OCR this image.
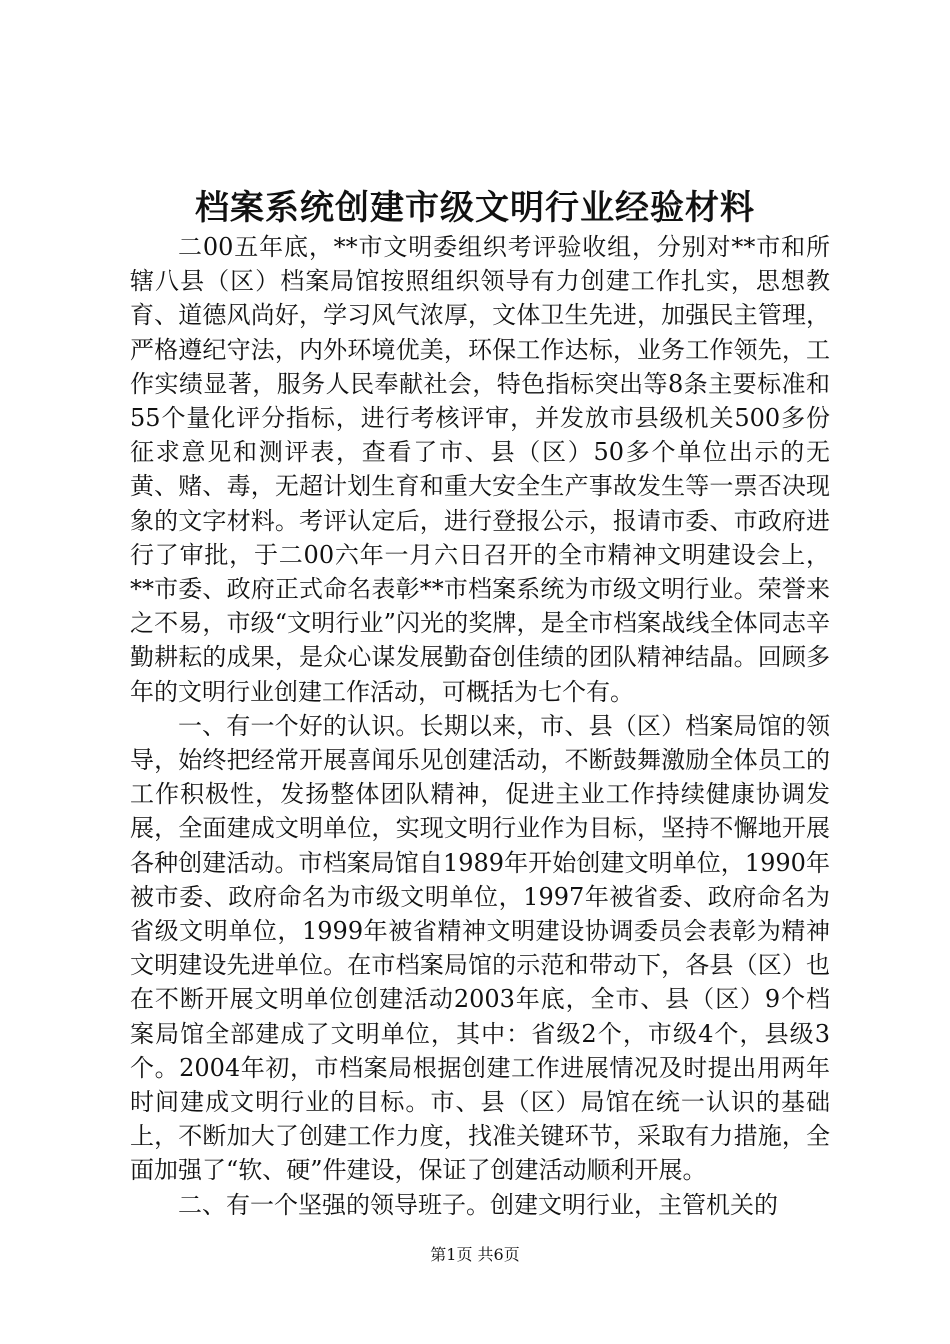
档案系统创建市级文明行业经验材料

二00五年底，**市文明委组织考评验收组，分别对**市和所辖八县（区）档案局馆按照组织领导有力创建工作扎实，思想教育、道德风尚好，学习风气浓厚，文体卫生先进，加强民主管理，严格遵纪守法，内外环境优美，环保工作达标，业务工作领先，工作实绩显著，服务人民奉献社会，特色指标突出等8条主要标准和55个量化评分指标，进行考核评审，并发放市县级机关500多份征求意见和测评表，查看了市、县（区）50多个单位出示的无黄、赌、毒，无超计划生育和重大安全生产事故发生等一票否决现象的文字材料。考评认定后，进行登报公示，报请市委、市政府进行了审批，于二00六年一月六日召开的全市精神文明建设会上，**市委、政府正式命名表彰**市档案系统为市级文明行业。荣誉来之不易，市级“文明行业”闪光的奖牌，是全市档案战线全体同志辛勤耕耘的成果，是众心谋发展勤奋创佳绩的团队精神结晶。回顾多年的文明行业创建工作活动，可概括为七个有。

一、有一个好的认识。长期以来，市、县（区）档案局馆的领导，始终把经常开展喜闻乐见创建活动，不断鼓舞激励全体员工的工作积极性，发扬整体团队精神，促进主业工作持续健康协调发展，全面建成文明单位，实现文明行业作为目标，坚持不懈地开展各种创建活动。市档案局馆自1989年开始创建文明单位，1990年被市委、政府命名为市级文明单位，1997年被省委、政府命名为省级文明单位，1999年被省精神文明建设协调委员会表彰为精神文明建设先进单位。在市档案局馆的示范和带动下，各县（区）也在不断开展文明单位创建活动2003年底，全市、县（区）9个档案局馆全部建成了文明单位，其中：省级2个，市级4个，县级3个。2004年初，市档案局根据创建工作进展情况及时提出用两年时间建成文明行业的目标。市、县（区）局馆在统一认识的基础上，不断加大了创建工作力度，找准关键环节，采取有力措施，全面加强了“软、硬”件建设，保证了创建活动顺利开展。

二、有一个坚强的领导班子。创建文明行业，主管机关的

第1页 共6页
